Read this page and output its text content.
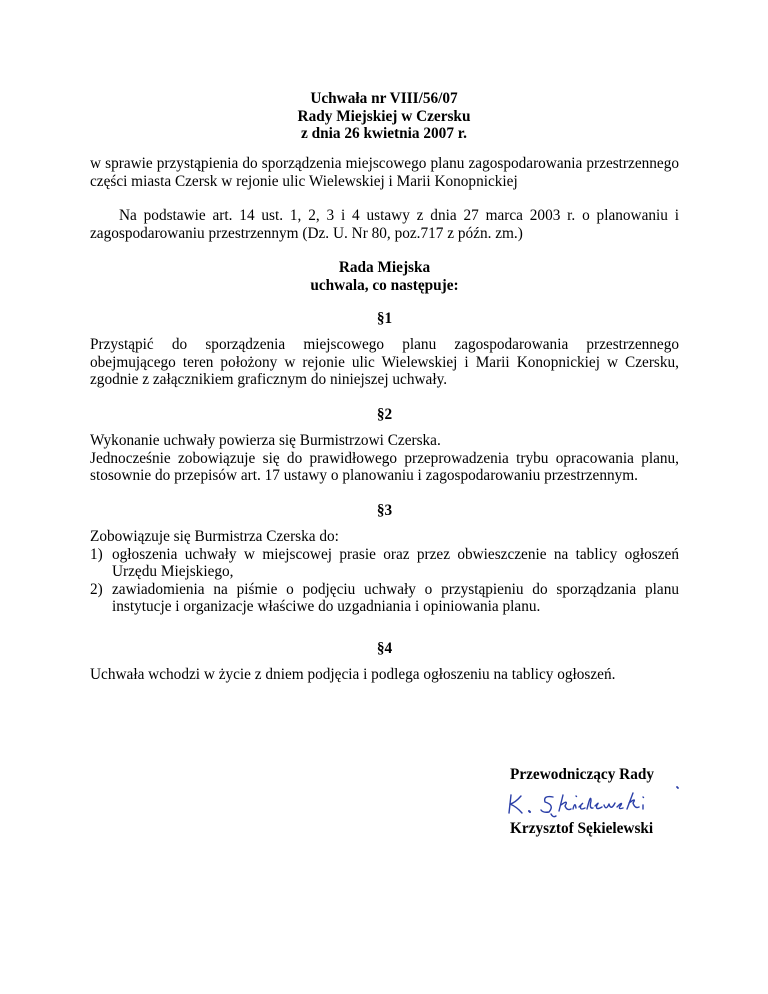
Uchwała nr VIII/56/07
Rady Miejskiej w Czersku
z dnia 26 kwietnia 2007 r.
w sprawie przystąpienia do sporządzenia miejscowego planu zagospodarowania przestrzennego części miasta Czersk w rejonie ulic Wielewskiej i Marii Konopnickiej
Na podstawie art. 14 ust. 1, 2, 3 i 4 ustawy z dnia 27 marca 2003 r. o planowaniu i zagospodarowaniu przestrzennym (Dz. U. Nr 80, poz.717 z późn. zm.)
Rada Miejska
uchwala, co następuje:
§1
Przystąpić do sporządzenia miejscowego planu zagospodarowania przestrzennego obejmującego teren położony w rejonie ulic Wielewskiej i Marii Konopnickiej w Czersku, zgodnie z załącznikiem graficznym do niniejszej uchwały.
§2
Wykonanie uchwały powierza się Burmistrzowi Czerska.
Jednocześnie zobowiązuje się do prawidłowego przeprowadzenia trybu opracowania planu, stosownie do przepisów art. 17 ustawy o planowaniu i zagospodarowaniu przestrzennym.
§3
Zobowiązuje się Burmistrza Czerska do:
1) ogłoszenia uchwały w miejscowej prasie oraz przez obwieszczenie na tablicy ogłoszeń Urzędu Miejskiego,
2) zawiadomienia na piśmie o podjęciu uchwały o przystąpieniu do sporządzania planu instytucje i organizacje właściwe do uzgadniania i opiniowania planu.
§4
Uchwała wchodzi w życie z dniem podjęcia i podlega ogłoszeniu na tablicy ogłoszeń.
Przewodniczący Rady
Krzysztof Sękielewski
